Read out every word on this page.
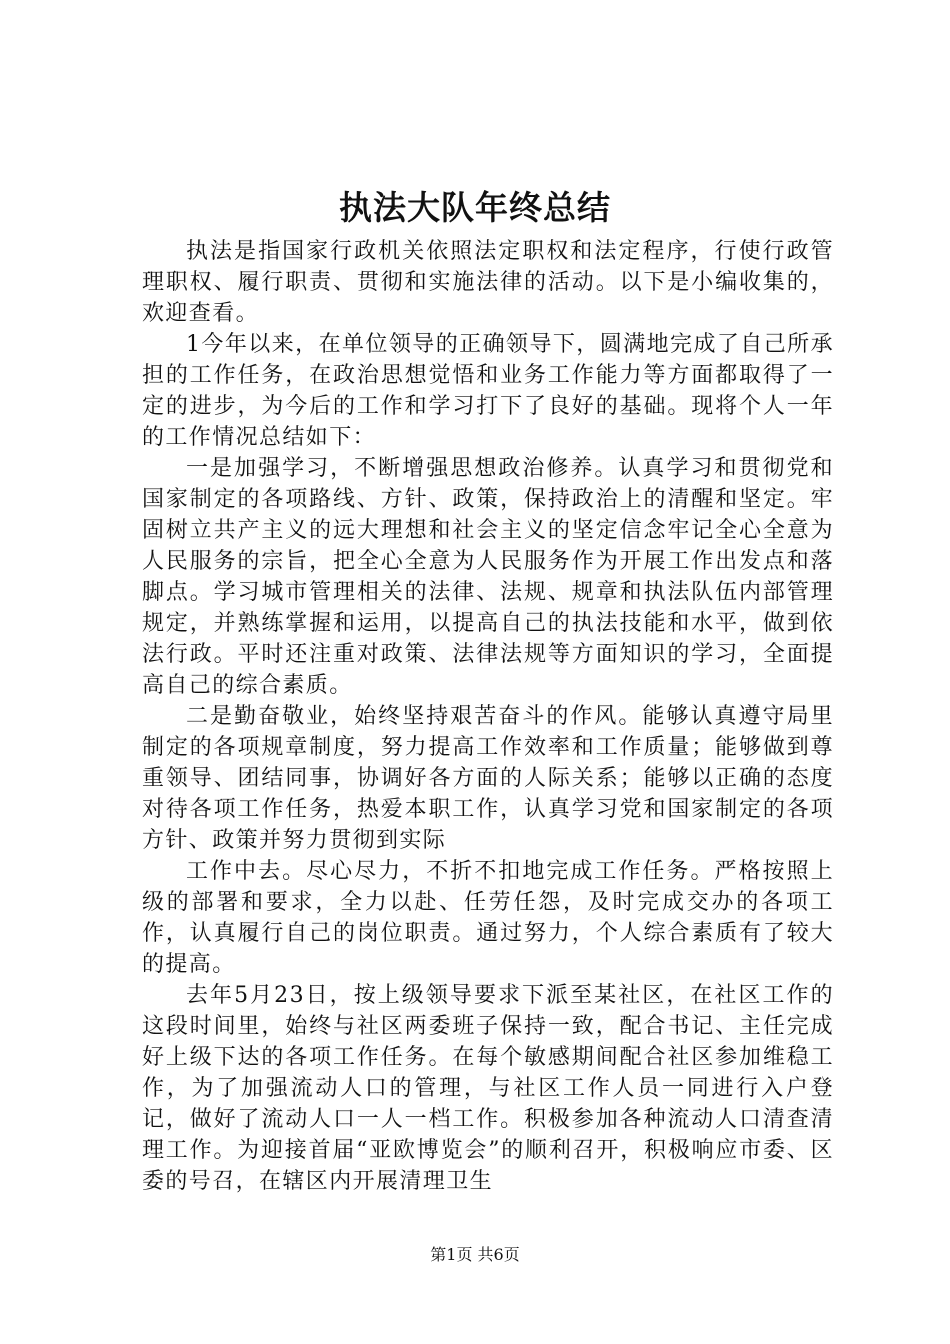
执法大队年终总结

执法是指国家行政机关依照法定职权和法定程序，行使行政管理职权、履行职责、贯彻和实施法律的活动。以下是小编收集的，欢迎查看。

1今年以来，在单位领导的正确领导下，圆满地完成了自己所承担的工作任务，在政治思想觉悟和业务工作能力等方面都取得了一定的进步，为今后的工作和学习打下了良好的基础。现将个人一年的工作情况总结如下：

一是加强学习，不断增强思想政治修养。认真学习和贯彻党和国家制定的各项路线、方针、政策，保持政治上的清醒和坚定。牢固树立共产主义的远大理想和社会主义的坚定信念牢记全心全意为人民服务的宗旨，把全心全意为人民服务作为开展工作出发点和落脚点。学习城市管理相关的法律、法规、规章和执法队伍内部管理规定，并熟练掌握和运用，以提高自己的执法技能和水平，做到依法行政。平时还注重对政策、法律法规等方面知识的学习，全面提高自己的综合素质。

二是勤奋敬业，始终坚持艰苦奋斗的作风。能够认真遵守局里制定的各项规章制度，努力提高工作效率和工作质量；能够做到尊重领导、团结同事，协调好各方面的人际关系；能够以正确的态度对待各项工作任务，热爱本职工作，认真学习党和国家制定的各项方针、政策并努力贯彻到实际

工作中去。尽心尽力，不折不扣地完成工作任务。严格按照上级的部署和要求，全力以赴、任劳任怨，及时完成交办的各项工作，认真履行自己的岗位职责。通过努力，个人综合素质有了较大的提高。

去年5月23日，按上级领导要求下派至某社区，在社区工作的这段时间里，始终与社区两委班子保持一致，配合书记、主任完成好上级下达的各项工作任务。在每个敏感期间配合社区参加维稳工作，为了加强流动人口的管理，与社区工作人员一同进行入户登记，做好了流动人口一人一档工作。积极参加各种流动人口清查清理工作。为迎接首届“亚欧博览会”的顺利召开，积极响应市委、区委的号召，在辖区内开展清理卫生

第1页 共6页
